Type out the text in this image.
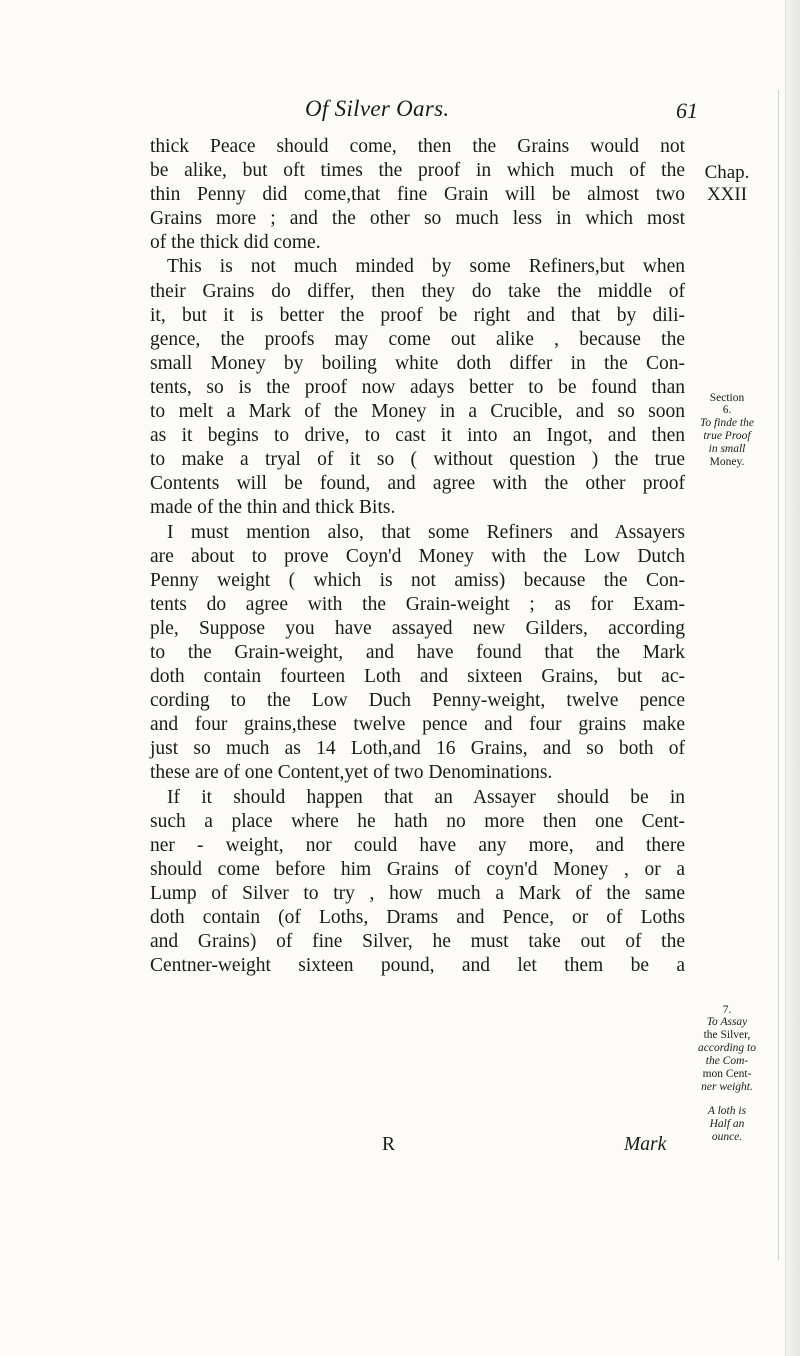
Of Silver Oars.	61
thick Peace should come, then the Grains would not
be alike, but oft times the proof in which much of the
thin Penny did come,that fine Grain will be almost two
Grains more ; and the other so much less in which most
of the thick did come.
This is not much minded by some Refiners,but when
their Grains do differ, then they do take the middle of
it, but it is better the proof be right and that by dili-
gence, the proofs may come out alike , because the
small Money by boiling white doth differ in the Con-
tents, so is the proof now adays better to be found than
to melt a Mark of the Money in a Crucible, and so soon
as it begins to drive, to cast it into an Ingot, and then
to make a tryal of it so ( without question ) the true
Contents will be found, and agree with the other proof
made of the thin and thick Bits.
I must mention also, that some Refiners and Assayers
are about to prove Coyn'd Money with the Low Dutch
Penny weight ( which is not amiss) because the Con-
tents do agree with the Grain-weight ; as for Exam-
ple, Suppose you have assayed new Gilders, according
to the Grain-weight, and have found that the Mark
doth contain fourteen Loth and sixteen Grains, but ac-
cording to the Low Duch Penny-weight, twelve pence
and four grains,these twelve pence and four grains make
just so much as 14 Loth,and 16 Grains, and so both of
these are of one Content,yet of two Denominations.
If it should happen that an Assayer should be in
such a place where he hath no more then one Cent-
ner - weight, nor could have any more, and there
should come before him Grains of coyn'd Money , or a
Lump of Silver to try , how much a Mark of the same
doth contain (of Loths, Drams and Pence, or of Loths
and Grains) of fine Silver, he must take out of the
Centner-weight sixteen pound, and let them be a
R	Mark
Chap.
XXII
Section
6.
To finde the
true Proof
in small
Money.
7.
To Assay
the Silver,
according to
the Com-
mon Cent-
ner weight.
A loth is
Half an
ounce.
